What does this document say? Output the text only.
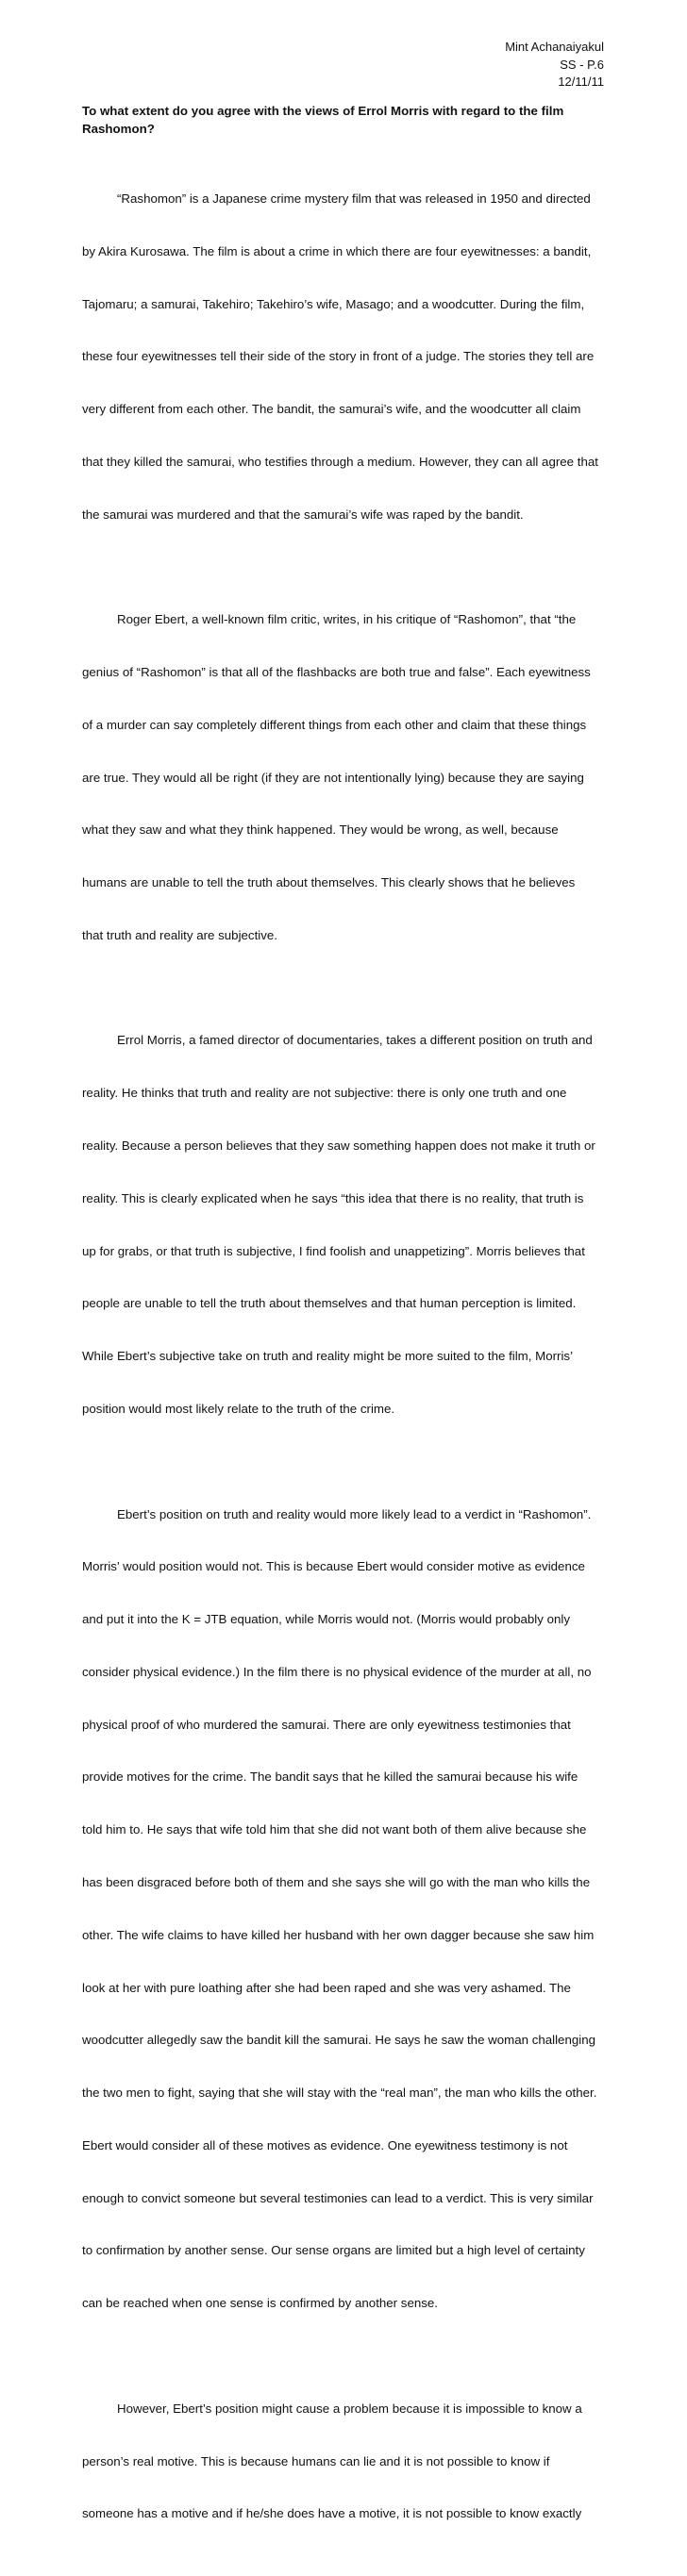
Mint Achanaiyakul
SS - P.6
12/11/11
To what extent do you agree with the views of Errol Morris with regard to the film
Rashomon?

“Rashomon” is a Japanese crime mystery film that was released in 1950 and directed

by Akira Kurosawa. The film is about a crime in which there are four eyewitnesses: a bandit,

Tajomaru; a samurai, Takehiro; Takehiro’s wife, Masago; and a woodcutter. During the film,

these four eyewitnesses tell their side of the story in front of a judge. The stories they tell are

very different from each other. The bandit, the samurai’s wife, and the woodcutter all claim

that they killed the samurai, who testifies through a medium. However, they can all agree that

the samurai was murdered and that the samurai’s wife was raped by the bandit.

Roger Ebert, a well-known film critic, writes, in his critique of “Rashomon”, that “the

genius of “Rashomon” is that all of the flashbacks are both true and false”. Each eyewitness

of a murder can say completely different things from each other and claim that these things

are true. They would all be right (if they are not intentionally lying) because they are saying

what they saw and what they think happened. They would be wrong, as well, because

humans are unable to tell the truth about themselves. This clearly shows that he believes

that truth and reality are subjective.

Errol Morris, a famed director of documentaries, takes a different position on truth and

reality. He thinks that truth and reality are not subjective: there is only one truth and one

reality. Because a person believes that they saw something happen does not make it truth or

reality. This is clearly explicated when he says “this idea that there is no reality, that truth is

up for grabs, or that truth is subjective, I find foolish and unappetizing”. Morris believes that

people are unable to tell the truth about themselves and that human perception is limited.

While Ebert’s subjective take on truth and reality might be more suited to the film, Morris’

position would most likely relate to the truth of the crime.

Ebert’s position on truth and reality would more likely lead to a verdict in “Rashomon”.

Morris’ would position would not. This is because Ebert would consider motive as evidence

and put it into the K = JTB equation, while Morris would not. (Morris would probably only

consider physical evidence.) In the film there is no physical evidence of the murder at all, no

physical proof of who murdered the samurai. There are only eyewitness testimonies that

provide motives for the crime. The bandit says that he killed the samurai because his wife

told him to. He says that wife told him that she did not want both of them alive because she

has been disgraced before both of them and she says she will go with the man who kills the

other. The wife claims to have killed her husband with her own dagger because she saw him

look at her with pure loathing after she had been raped and she was very ashamed. The

woodcutter allegedly saw the bandit kill the samurai. He says he saw the woman challenging

the two men to fight, saying that she will stay with the “real man”, the man who kills the other.

Ebert would consider all of these motives as evidence. One eyewitness testimony is not

enough to convict someone but several testimonies can lead to a verdict. This is very similar

to confirmation by another sense. Our sense organs are limited but a high level of certainty

can be reached when one sense is confirmed by another sense.

However, Ebert’s position might cause a problem because it is impossible to know a

person’s real motive. This is because humans can lie and it is not possible to know if

someone has a motive and if he/she does have a motive, it is not possible to know exactly
